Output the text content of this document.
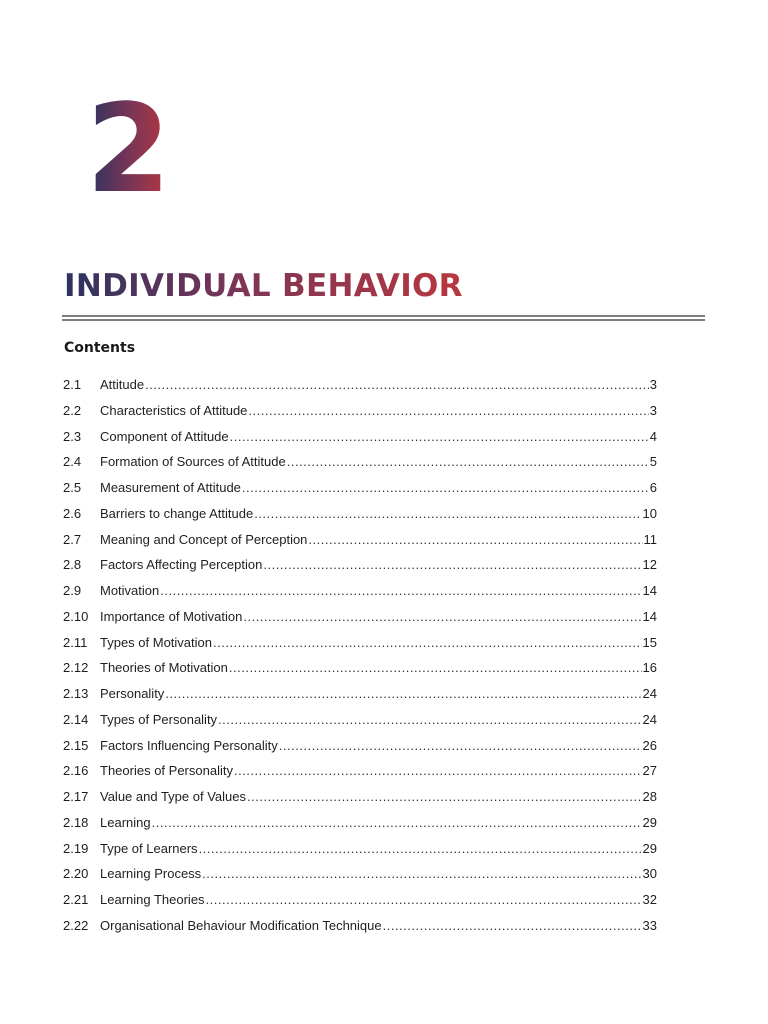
2
INDIVIDUAL BEHAVIOR
Contents
2.1	Attitude .....	3
2.2	Characteristics of Attitude .....	3
2.3	Component of Attitude .....	4
2.4	Formation of Sources of Attitude .....	5
2.5	Measurement of Attitude .....	6
2.6	Barriers to change Attitude .....	10
2.7	Meaning and Concept of Perception .....	11
2.8	Factors Affecting Perception .....	12
2.9	Motivation .....	14
2.10 Importance of Motivation .....	14
2.11 Types of Motivation .....	15
2.12 Theories of Motivation .....	16
2.13 Personality .....	24
2.14 Types of Personality .....	24
2.15 Factors Influencing Personality .....	26
2.16 Theories of Personality .....	27
2.17 Value and Type of Values .....	28
2.18 Learning .....	29
2.19 Type of Learners .....	29
2.20 Learning Process .....	30
2.21 Learning Theories .....	32
2.22 Organisational Behaviour Modification Technique .....	33
